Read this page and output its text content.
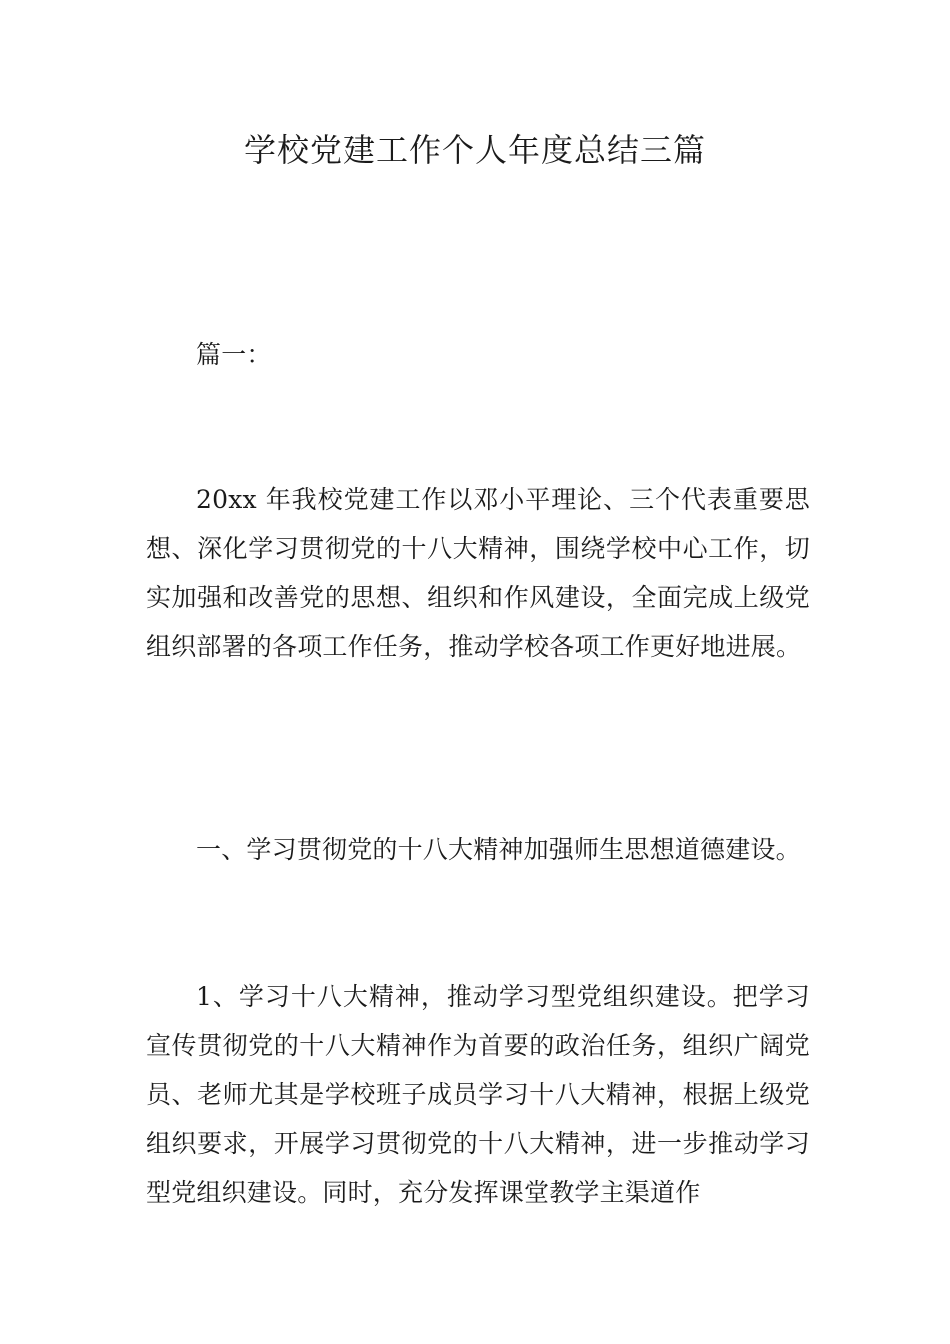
学校党建工作个人年度总结三篇

篇一：

20xx 年我校党建工作以邓小平理论、三个代表重要思想、深化学习贯彻党的十八大精神，围绕学校中心工作，切实加强和改善党的思想、组织和作风建设，全面完成上级党组织部署的各项工作任务，推动学校各项工作更好地进展。

一、学习贯彻党的十八大精神加强师生思想道德建设。

1、学习十八大精神，推动学习型党组织建设。把学习宣传贯彻党的十八大精神作为首要的政治任务，组织广阔党员、老师尤其是学校班子成员学习十八大精神，根据上级党组织要求，开展学习贯彻党的十八大精神，进一步推动学习型党组织建设。同时，充分发挥课堂教学主渠道作
